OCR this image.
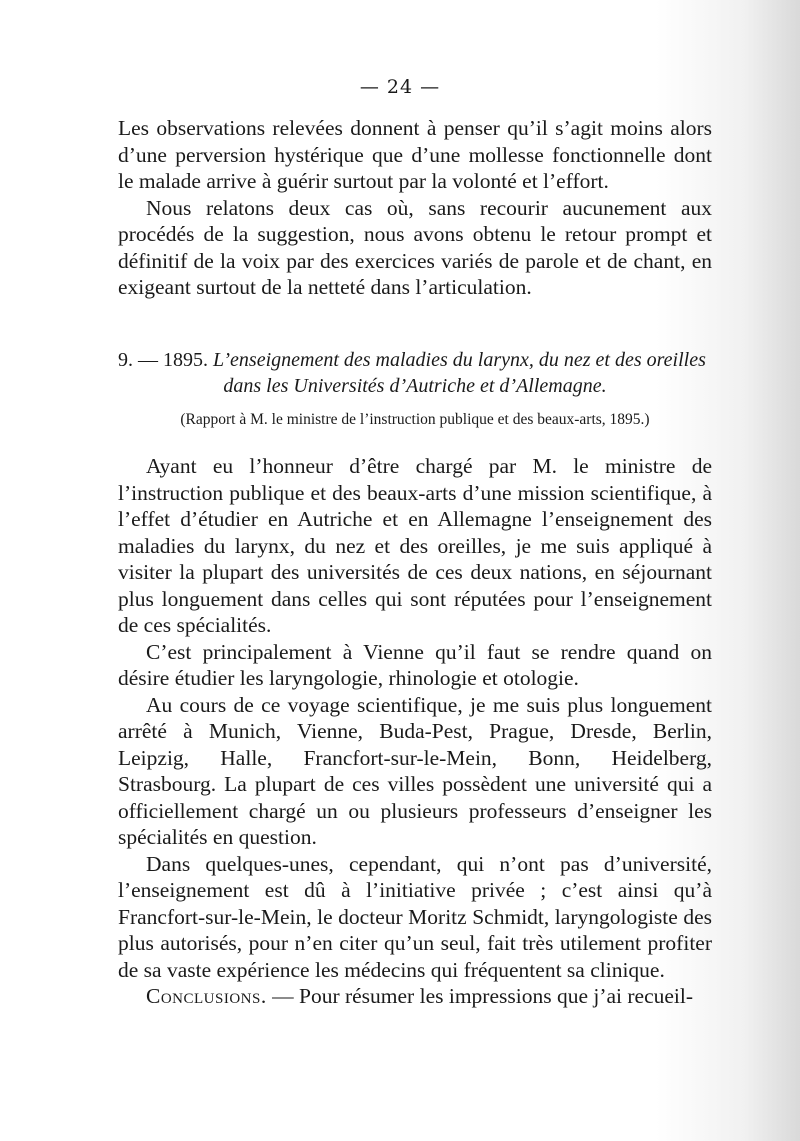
— 24 —

Les observations relevées donnent à penser qu’il s’agit moins alors d’une perversion hystérique que d’une mollesse fonctionnelle dont le malade arrive à guérir surtout par la volonté et l’effort.

Nous relatons deux cas où, sans recourir aucunement aux procédés de la suggestion, nous avons obtenu le retour prompt et définitif de la voix par des exercices variés de parole et de chant, en exigeant surtout de la netteté dans l’articulation.

9. — 1895. L’enseignement des maladies du larynx, du nez et des oreilles

dans les Universités d’Autriche et d’Allemagne.

(Rapport à M. le ministre de l’instruction publique et des beaux-arts, 1895.)

Ayant eu l’honneur d’être chargé par M. le ministre de l’instruction publique et des beaux-arts d’une mission scientifique, à l’effet d’étudier en Autriche et en Allemagne l’enseignement des maladies du larynx, du nez et des oreilles, je me suis appliqué à visiter la plupart des universités de ces deux nations, en séjournant plus longuement dans celles qui sont réputées pour l’enseignement de ces spécialités.

C’est principalement à Vienne qu’il faut se rendre quand on désire étudier les laryngologie, rhinologie et otologie.

Au cours de ce voyage scientifique, je me suis plus longuement arrêté à Munich, Vienne, Buda-Pest, Prague, Dresde, Berlin, Leipzig, Halle, Francfort-sur-le-Mein, Bonn, Heidelberg, Strasbourg. La plupart de ces villes possèdent une université qui a officiellement chargé un ou plusieurs professeurs d’enseigner les spécialités en question.

Dans quelques-unes, cependant, qui n’ont pas d’université, l’enseignement est dû à l’initiative privée ; c’est ainsi qu’à Francfort-sur-le-Mein, le docteur Moritz Schmidt, laryngologiste des plus autorisés, pour n’en citer qu’un seul, fait très utilement profiter de sa vaste expérience les médecins qui fréquentent sa clinique.

Conclusions. — Pour résumer les impressions que j’ai recueil-
